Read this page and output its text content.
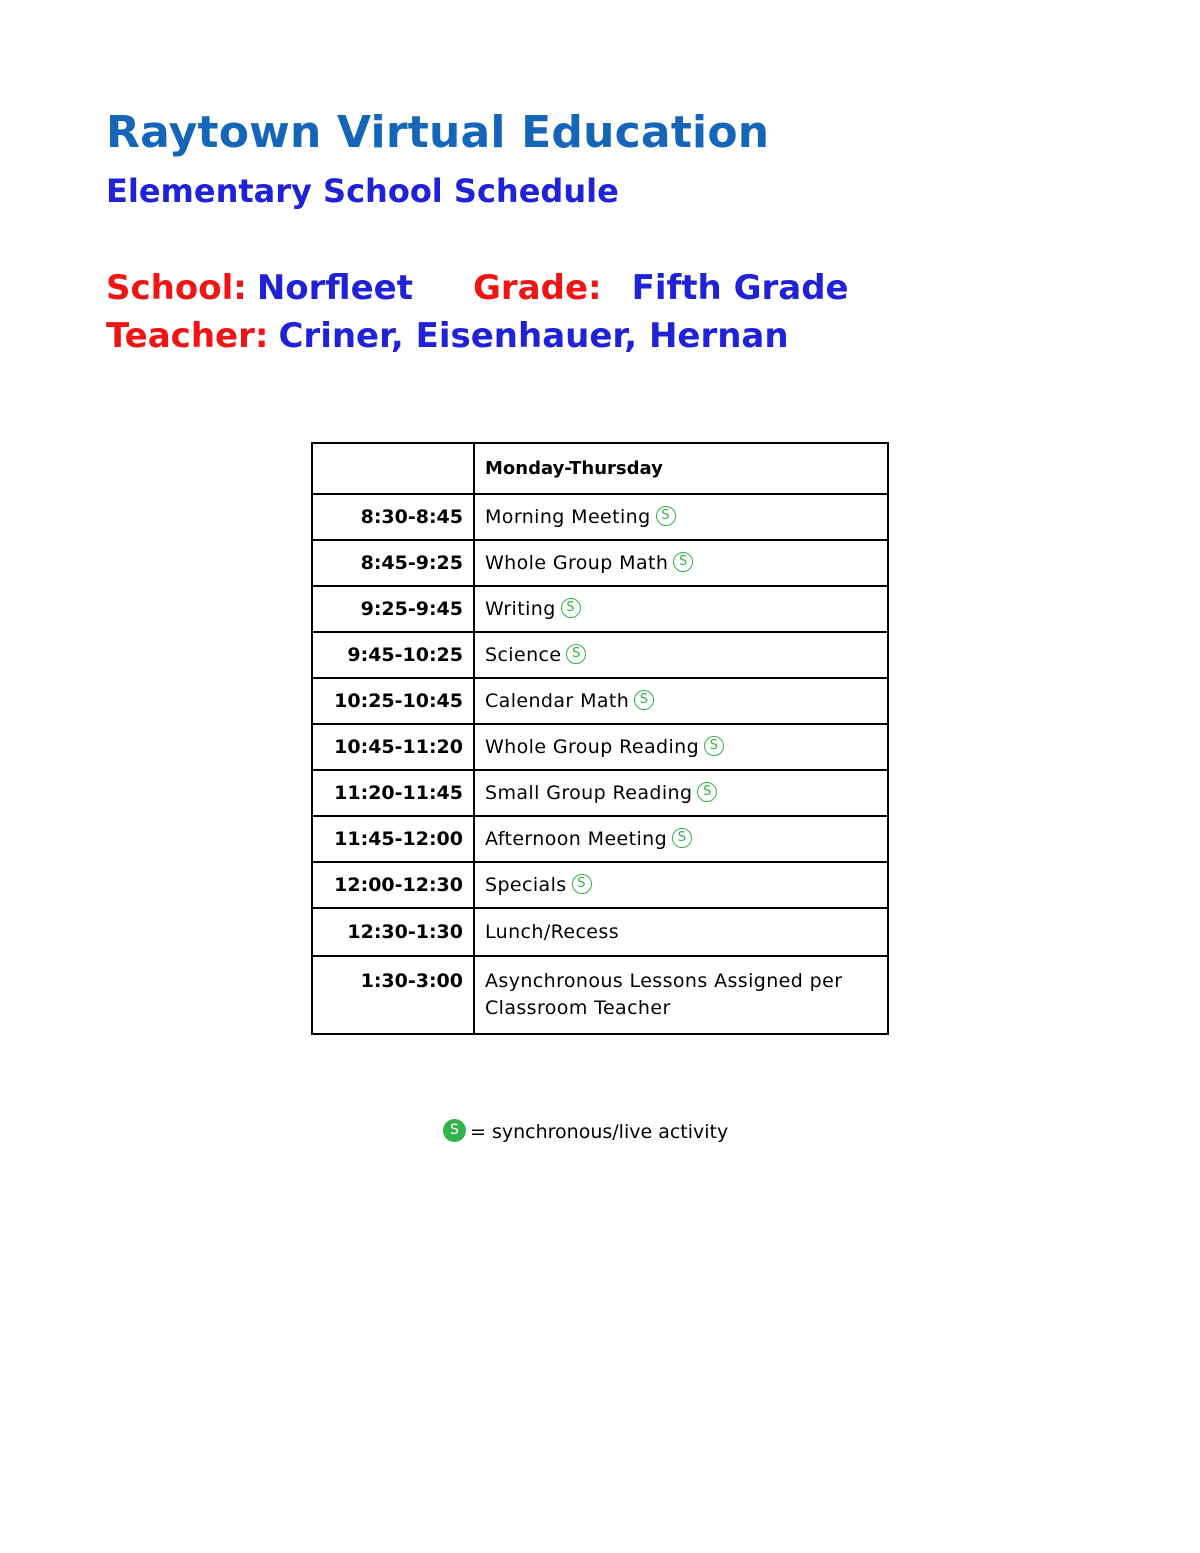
Raytown Virtual Education
Elementary School Schedule
School: Norfleet Grade: Fifth Grade
Teacher: Criner, Eisenhauer, Hernan
	Monday-Thursday
8:30-8:45	Morning Meeting S
8:45-9:25	Whole Group Math S
9:25-9:45	Writing S
9:45-10:25	Science S
10:25-10:45	Calendar Math S
10:45-11:20	Whole Group Reading S
11:20-11:45	Small Group Reading S
11:45-12:00	Afternoon Meeting S
12:00-12:30	Specials S
12:30-1:30	Lunch/Recess
1:30-3:00	Asynchronous Lessons Assigned per Classroom Teacher
S = synchronous/live activity
